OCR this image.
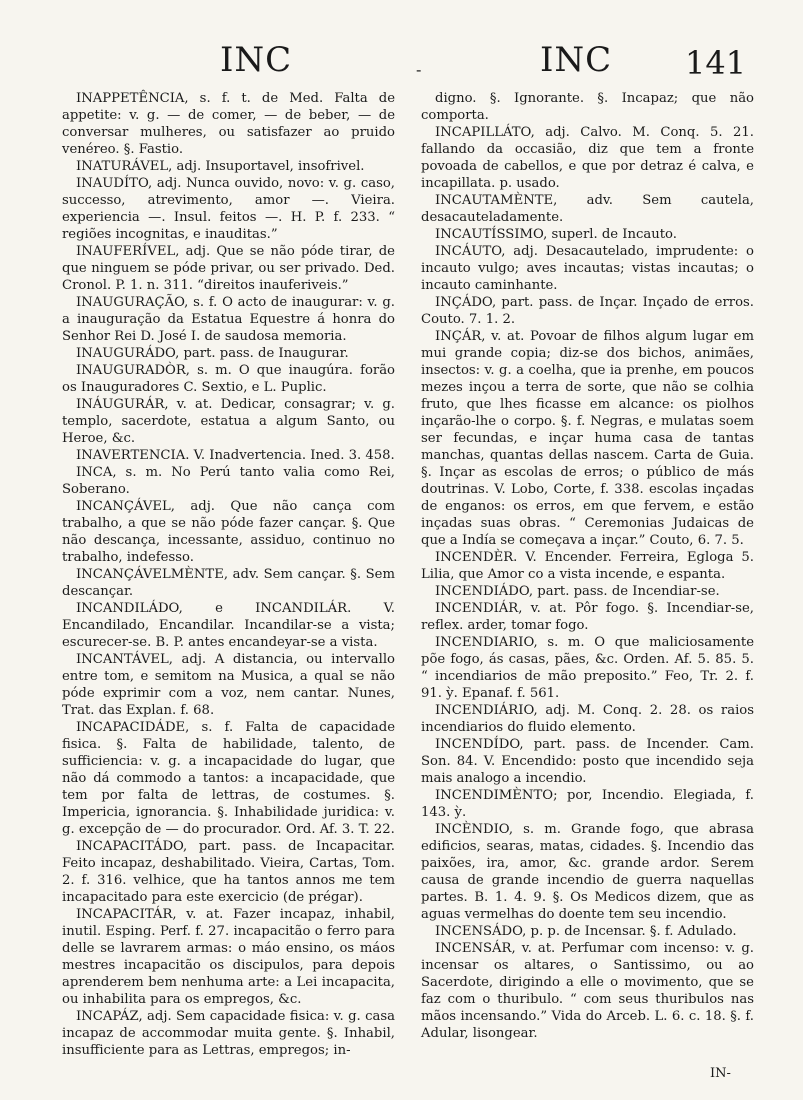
INC	-	INC 141

INAPPETÊNCIA, s. f. t. de Med. Falta de appetite: v. g. — de comer, — de beber, — de conversar mulheres, ou satisfazer ao pruido venéreo. §. Fastio.

INATURÁVEL, adj. Insuportavel, insofrivel.

INAUDÍTO, adj. Nunca ouvido, novo: v. g. caso, successo, atrevimento, amor —. Vieira. experiencia —. Insul. feitos —. H. P. f. 233. “ regiões incognitas, e inauditas.”

INAUFERÍVEL, adj. Que se não póde tirar, de que ninguem se póde privar, ou ser privado. Ded. Cronol. P. 1. n. 311. “direitos inauferiveis.”

INAUGURAÇÃO, s. f. O acto de inaugurar: v. g. a inauguração da Estatua Equestre á honra do Senhor Rei D. José I. de saudosa memoria.

INAUGURÁDO, part. pass. de Inaugurar.

INAUGURADÒR, s. m. O que inaugúra. forão os Inauguradores C. Sextio, e L. Puplic.

INÁUGURÁR, v. at. Dedicar, consagrar; v. g. templo, sacerdote, estatua a algum Santo, ou Heroe, &c.

INAVERTENCIA. V. Inadvertencia. Ined. 3. 458.

INCA, s. m. No Perú tanto valia como Rei, Soberano.

INCANÇÁVEL, adj. Que não cança com trabalho, a que se não póde fazer cançar. §. Que não descança, incessante, assiduo, continuo no trabalho, indefesso.

INCANÇÁVELMÈNTE, adv. Sem cançar. §. Sem descançar.

INCANDILÁDO, e INCANDILÁR. V. Encandilado, Encandilar. Incandilar-se a vista; escurecer-se. B. P. antes encandeyar-se a vista.

INCANTÁVEL, adj. A distancia, ou intervallo entre tom, e semitom na Musica, a qual se não póde exprimir com a voz, nem cantar. Nunes, Trat. das Explan. f. 68.

INCAPACIDÁDE, s. f. Falta de capacidade fisica. §. Falta de habilidade, talento, de sufficiencia: v. g. a incapacidade do lugar, que não dá commodo a tantos: a incapacidade, que tem por falta de lettras, de costumes. §. Impericia, ignorancia. §. Inhabilidade juridica: v. g. excepção de — do procurador. Ord. Af. 3. T. 22.

INCAPACITÁDO, part. pass. de Incapacitar. Feito incapaz, deshabilitado. Vieira, Cartas, Tom. 2. f. 316. velhice, que ha tantos annos me tem incapacitado para este exercicio (de prégar).

INCAPACITÁR, v. at. Fazer incapaz, inhabil, inutil. Esping. Perf. f. 27. incapacitão o ferro para delle se lavrarem armas: o máo ensino, os máos mestres incapacitão os discipulos, para depois aprenderem bem nenhuma arte: a Lei incapacita, ou inhabilita para os empregos, &c.

INCAPÁZ, adj. Sem capacidade fisica: v. g. casa incapaz de accommodar muita gente. §. Inhabil, insufficiente para as Lettras, empregos; in-

digno. §. Ignorante. §. Incapaz; que não comporta.

INCAPILLÁTO, adj. Calvo. M. Conq. 5. 21. fallando da occasião, diz que tem a fronte povoada de cabellos, e que por detraz é calva, e incapillata. p. usado.

INCAUTAMÈNTE, adv. Sem cautela, desacauteladamente.

INCAUTÍSSIMO, superl. de Incauto.

INCÁUTO, adj. Desacautelado, imprudente: o incauto vulgo; aves incautas; vistas incautas; o incauto caminhante.

INÇÁDO, part. pass. de Inçar. Inçado de erros. Couto. 7. 1. 2.

INÇÁR, v. at. Povoar de filhos algum lugar em mui grande copia; diz-se dos bichos, animães, insectos: v. g. a coelha, que ia prenhe, em poucos mezes inçou a terra de sorte, que não se colhia fruto, que lhes ficasse em alcance: os piolhos inçarão-lhe o corpo. §. f. Negras, e mulatas soem ser fecundas, e inçar huma casa de tantas manchas, quantas dellas nascem. Carta de Guia. §. Inçar as escolas de erros; o público de más doutrinas. V. Lobo, Corte, f. 338. escolas inçadas de enganos: os erros, em que fervem, e estão inçadas suas obras. “ Ceremonias Judaicas de que a Indía se começava a inçar.” Couto, 6. 7. 5.

INCENDÈR. V. Encender. Ferreira, Egloga 5. Lilia, que Amor co a vista incende, e espanta.

INCENDIÁDO, part. pass. de Incendiar-se.

INCENDIÁR, v. at. Pôr fogo. §. Incendiar-se, reflex. arder, tomar fogo.

INCENDIARIO, s. m. O que maliciosamente põe fogo, ás casas, pães, &c. Orden. Af. 5. 85. 5. “ incendiarios de mão preposito.” Feo, Tr. 2. f. 91. ỳ. Epanaf. f. 561.

INCENDIÁRIO, adj. M. Conq. 2. 28. os raios incendiarios do fluido elemento.

INCENDÍDO, part. pass. de Incender. Cam. Son. 84. V. Encendido: posto que incendido seja mais analogo a incendio.

INCENDIMÈNTO; por, Incendio. Elegiada, f. 143. ỳ.

INCÈNDIO, s. m. Grande fogo, que abrasa edificios, searas, matas, cidades. §. Incendio das paixões, ira, amor, &c. grande ardor. Serem causa de grande incendio de guerra naquellas partes. B. 1. 4. 9. §. Os Medicos dizem, que as aguas vermelhas do doente tem seu incendio.

INCENSÁDO, p. p. de Incensar. §. f. Adulado.

INCENSÁR, v. at. Perfumar com incenso: v. g. incensar os altares, o Santissimo, ou ao Sacerdote, dirigindo a elle o movimento, que se faz com o thuribulo. “ com seus thuribulos nas mãos incensando.” Vida do Arceb. L. 6. c. 18. §. f. Adular, lisongear.

IN-
